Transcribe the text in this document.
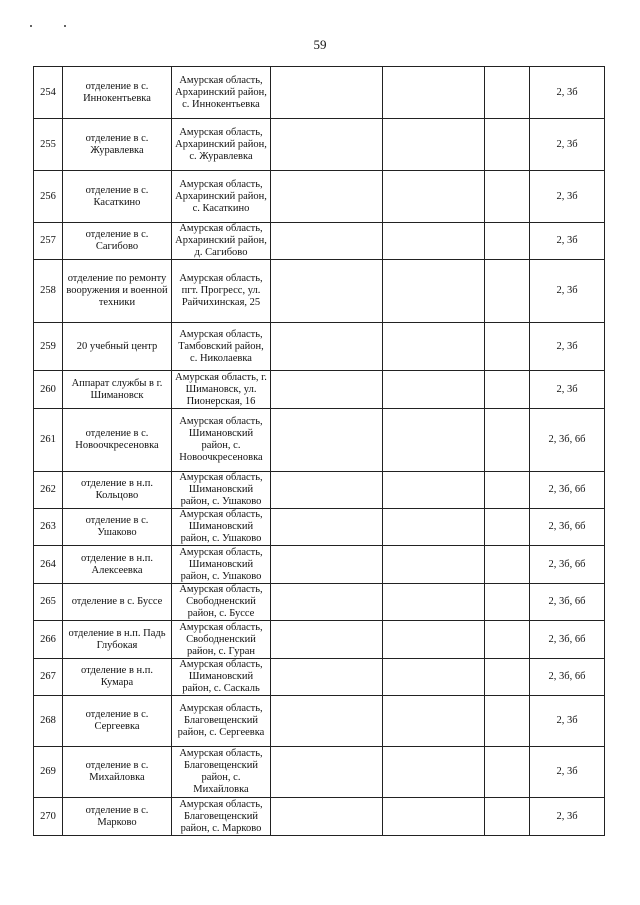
59
254	отделение в с. Иннокентьевка	Амурская область, Архаринский район, с. Иннокентьевка				2, 3б
255	отделение в с. Журавлевка	Амурская область, Архаринский район, с. Журавлевка				2, 3б
256	отделение в с. Касаткино	Амурская область, Архаринский район, с. Касаткино				2, 3б
257	отделение в с. Сагибово	Амурская область, Архаринский район, д. Сагибово				2, 3б
258	отделение по ремонту вооружения и военной техники	Амурская область, пгт. Прогресс, ул. Райчихинская, 25				2, 3б
259	20 учебный центр	Амурская область, Тамбовский район, с. Николаевка				2, 3б
260	Аппарат службы в г. Шимановск	Амурская область, г. Шимановск, ул. Пионерская, 16				2, 3б
261	отделение в с. Новоочкресеновка	Амурская область, Шимановский район, с. Новоочкресеновка				2, 3б, 6б
262	отделение в н.п. Кольцово	Амурская область, Шимановский район, с. Ушаково				2, 3б, 6б
263	отделение в с. Ушаково	Амурская область, Шимановский район, с. Ушаково				2, 3б, 6б
264	отделение в н.п. Алексеевка	Амурская область, Шимановский район, с. Ушаково				2, 3б, 6б
265	отделение в с. Буссе	Амурская область, Свободненский район, с. Буссе				2, 3б, 6б
266	отделение в н.п. Падь Глубокая	Амурская область, Свободненский район, с. Гуран				2, 3б, 6б
267	отделение в н.п. Кумара	Амурская область, Шимановский район, с. Саскаль				2, 3б, 6б
268	отделение в с. Сергеевка	Амурская область, Благовещенский район, с. Сергеевка				2, 3б
269	отделение в с. Михайловка	Амурская область, Благовещенский район, с. Михайловка				2, 3б
270	отделение в с. Марково	Амурская область, Благовещенский район, с. Марково				2, 3б
